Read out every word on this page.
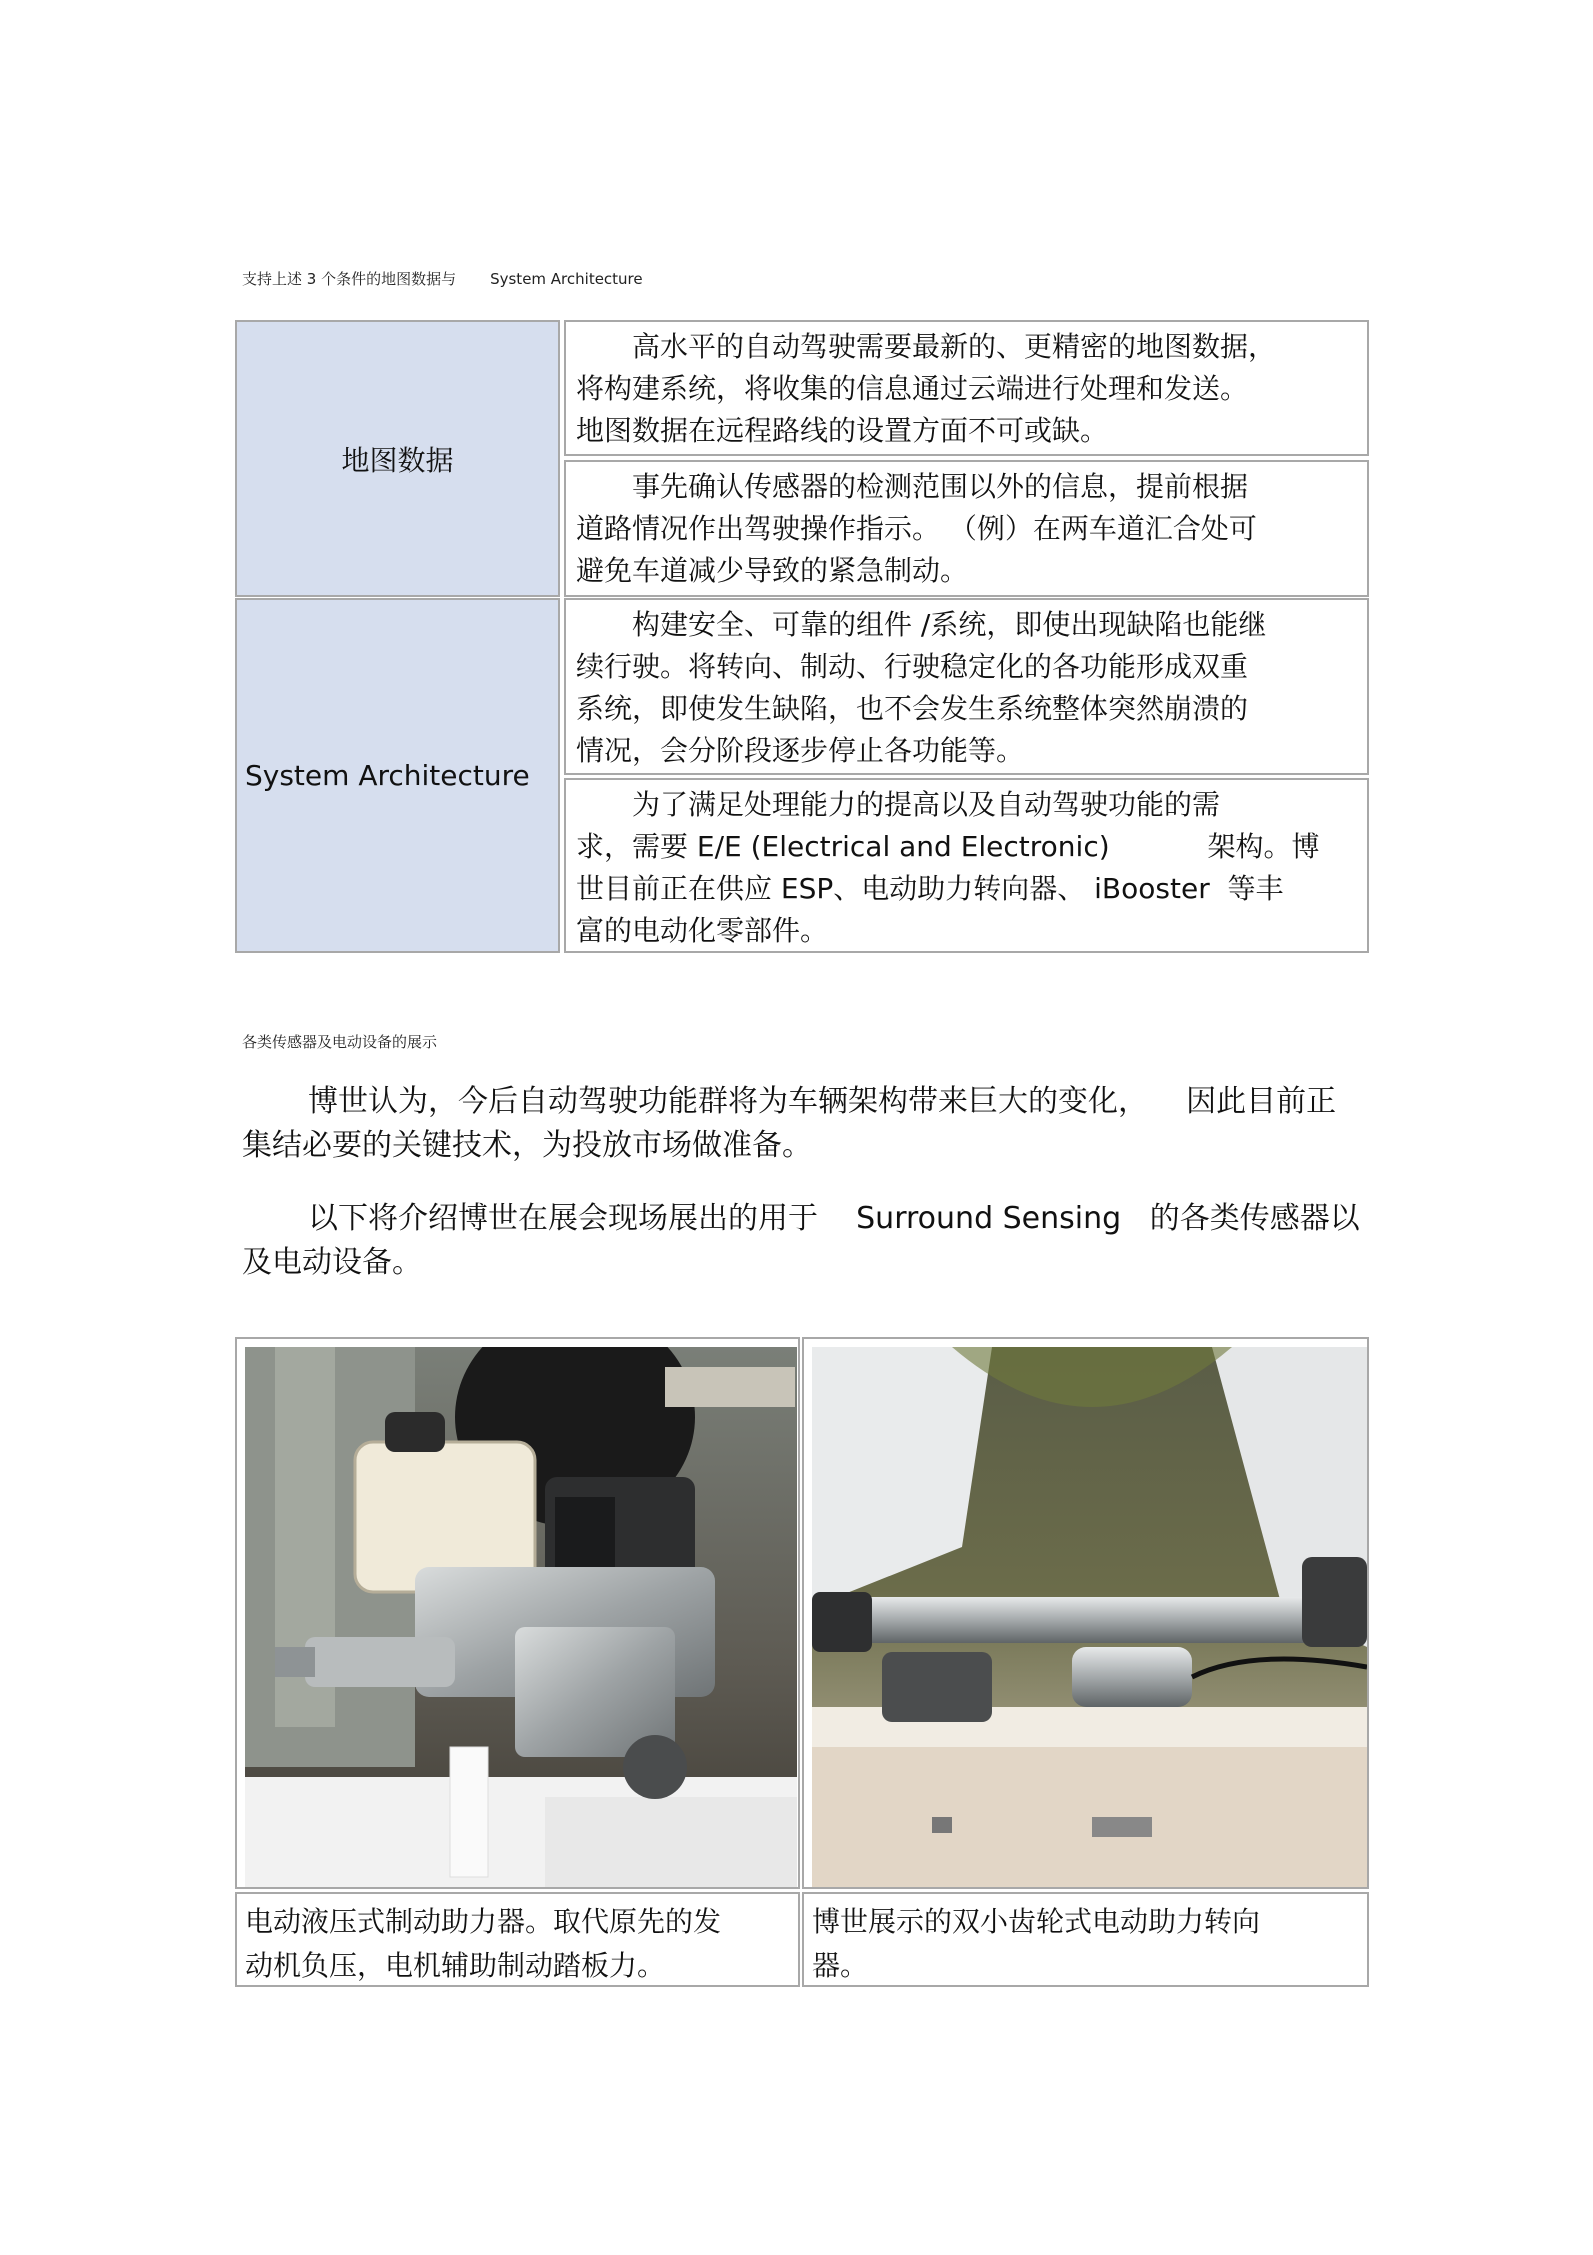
支持上述 3 个条件的地图数据与 System Architecture
地图数据

高水平的自动驾驶需要最新的、更精密的地图数据，

将构建系统，将收集的信息通过云端进行处理和发送。

地图数据在远程路线的设置方面不可或缺。

事先确认传感器的检测范围以外的信息，提前根据

道路情况作出驾驶操作指示。 （例）在两车道汇合处可

避免车道减少导致的紧急制动。

System Architecture

构建安全、可靠的组件 /系统，即使出现缺陷也能继

续行驶。将转向、制动、行驶稳定化的各功能形成双重

系统，即使发生缺陷，也不会发生系统整体突然崩溃的

情况，会分阶段逐步停止各功能等。

为了满足处理能力的提高以及自动驾驶功能的需

求，需要 E/E (Electrical and Electronic)           架构。博

世目前正在供应 ESP、电动助力转向器、 iBooster  等丰

富的电动化零部件。

各类传感器及电动设备的展示
博世认为，今后自动驾驶功能群将为车辆架构带来巨大的变化，    因此目前正
集结必要的关键技术，为投放市场做准备。
以下将介绍博世在展会现场展出的用于    Surround Sensing   的各类传感器以
及电动设备。
电动液压式制动助力器。取代原先的发
动机负压，电机辅助制动踏板力。
博世展示的双小齿轮式电动助力转向
器。
